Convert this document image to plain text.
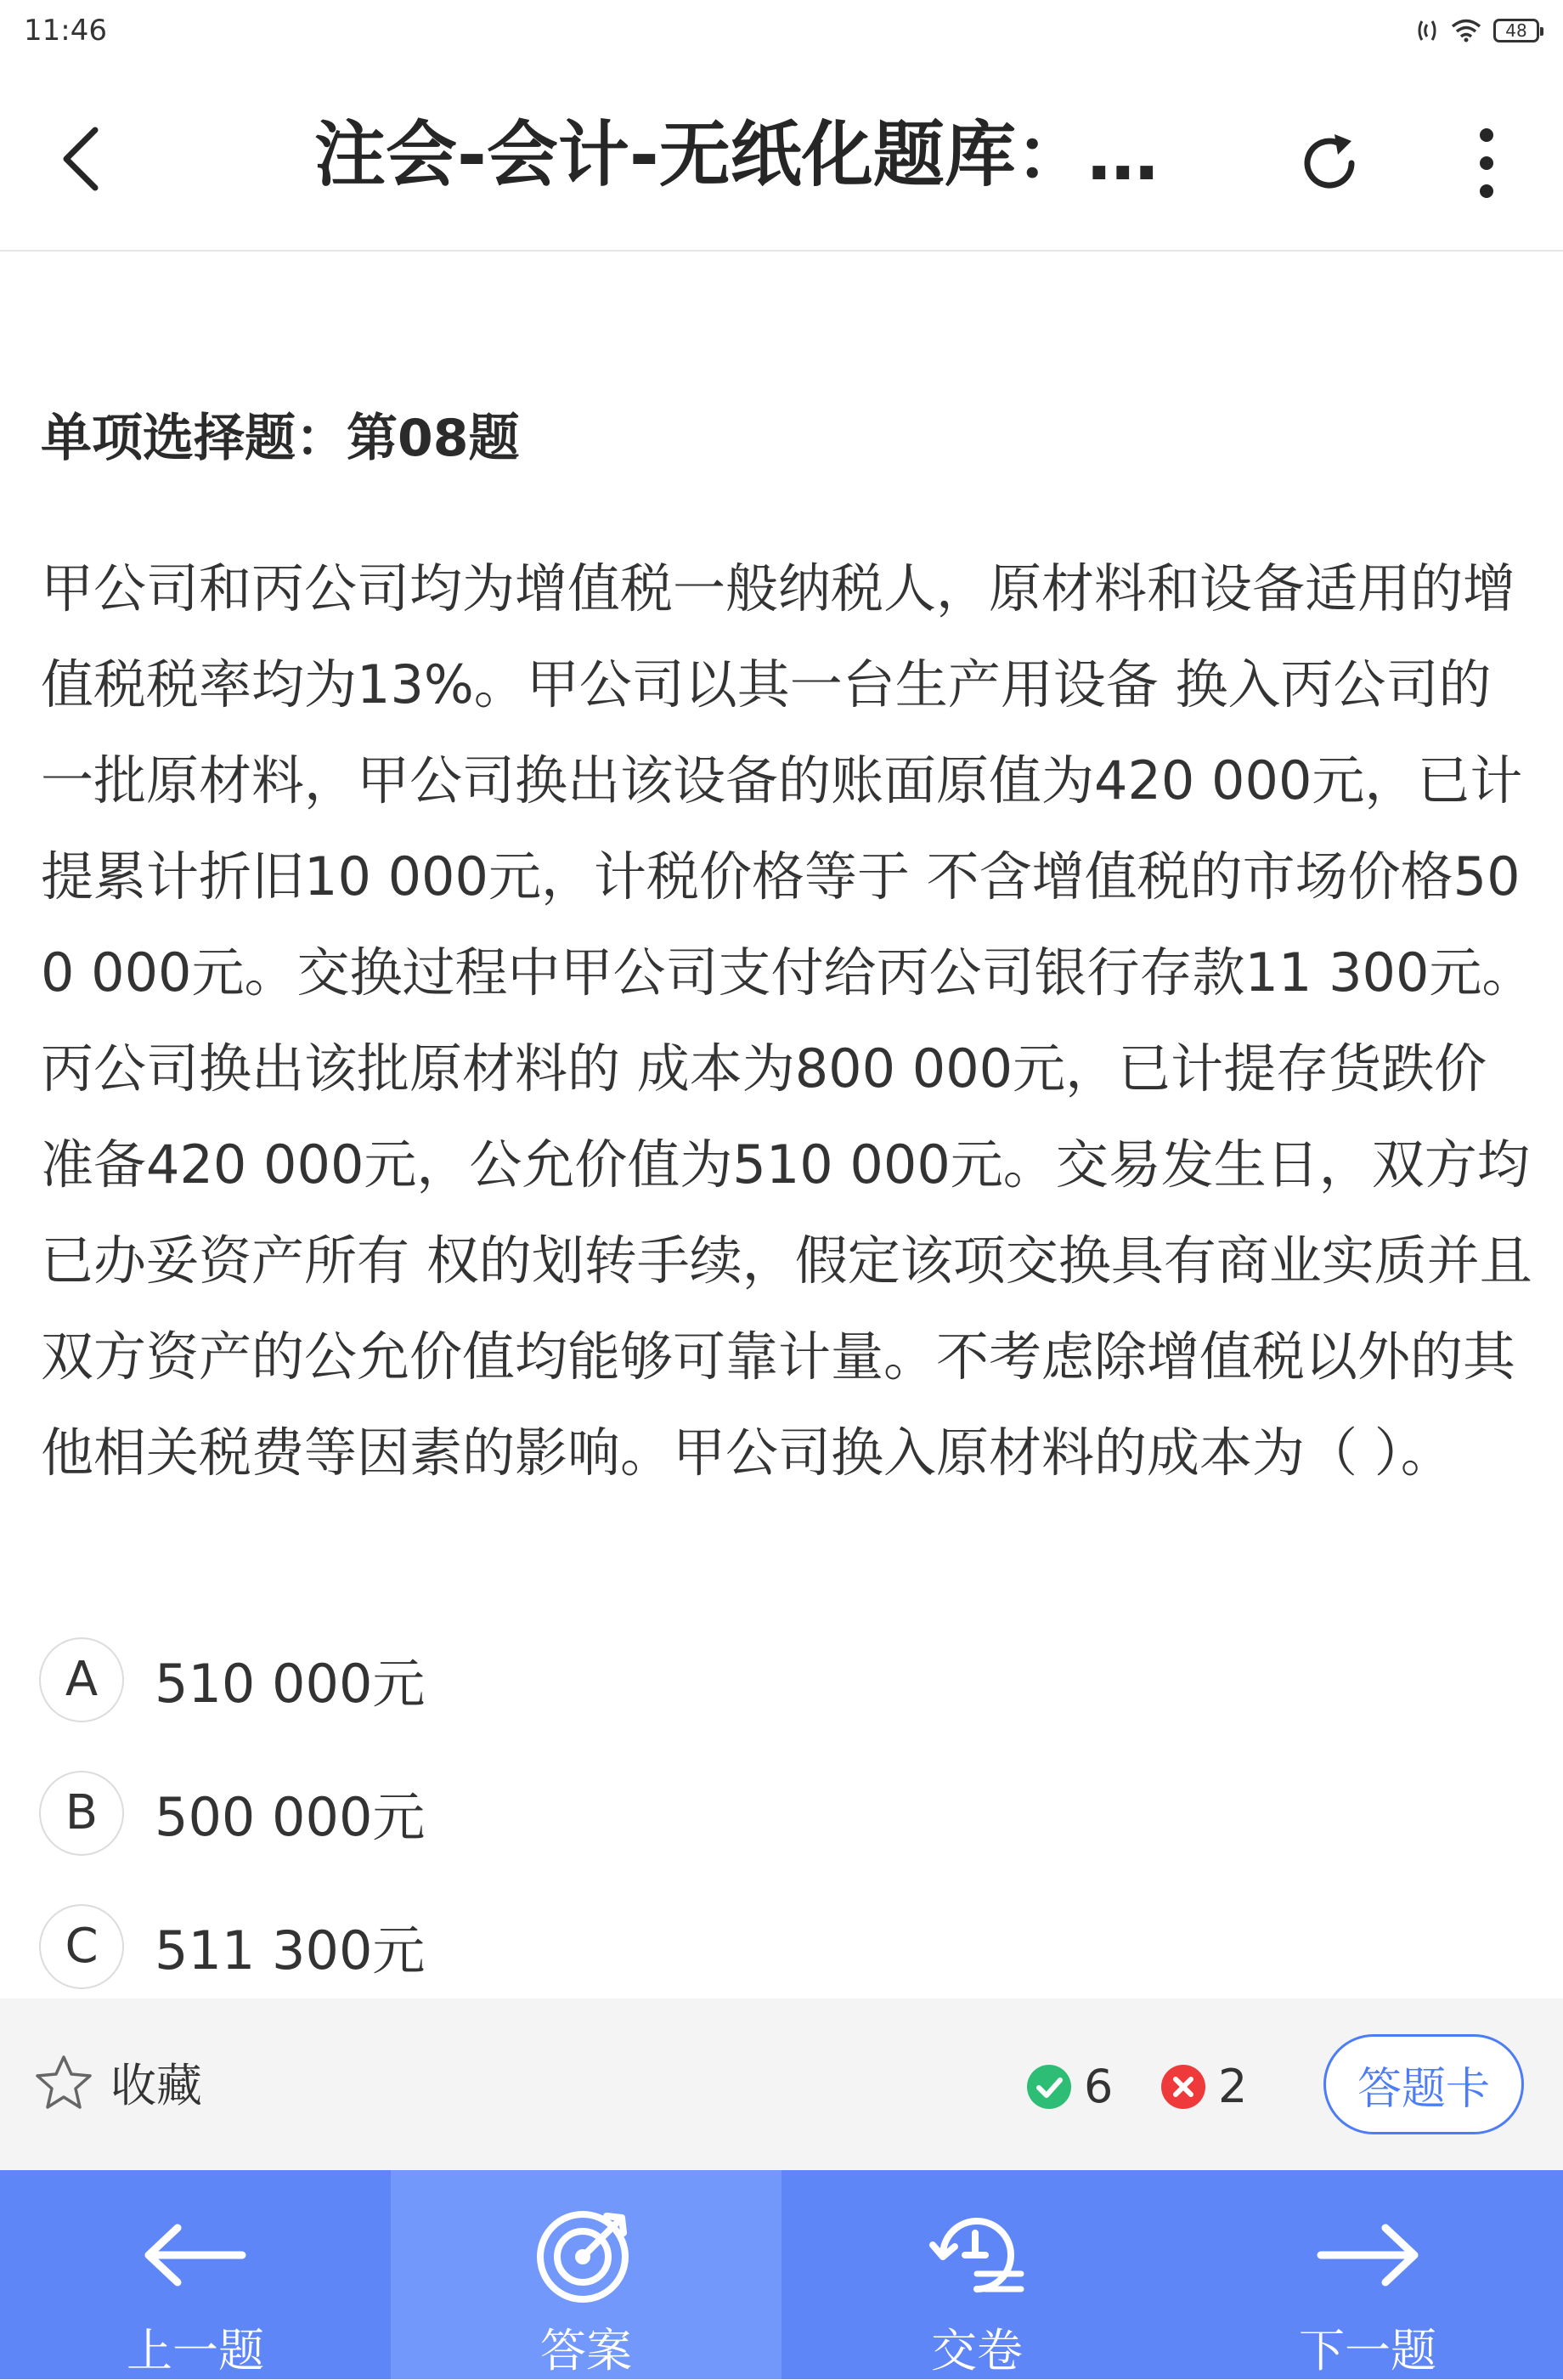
11:46	48
注会-会计-无纸化题库：…
单项选择题：第08题
甲公司和丙公司均为增值税一般纳税人，原材料和设备适用的增值税税率均为13%。甲公司以其一台生产用设备 换入丙公司的一批原材料，甲公司换出该设备的账面原值为420 000元，已计提累计折旧10 000元，计税价格等于 不含增值税的市场价格500 000元。交换过程中甲公司支付给丙公司银行存款11 300元。丙公司换出该批原材料的 成本为800 000元，已计提存货跌价准备420 000元，公允价值为510 000元。交易发生日，双方均已办妥资产所有 权的划转手续，假定该项交换具有商业实质并且双方资产的公允价值均能够可靠计量。不考虑除增值税以外的其 他相关税费等因素的影响。甲公司换入原材料的成本为（ ）。
A	510 000元
B	500 000元
C	511 300元
收藏	6 2	答题卡
上一题	答案	交卷	下一题
